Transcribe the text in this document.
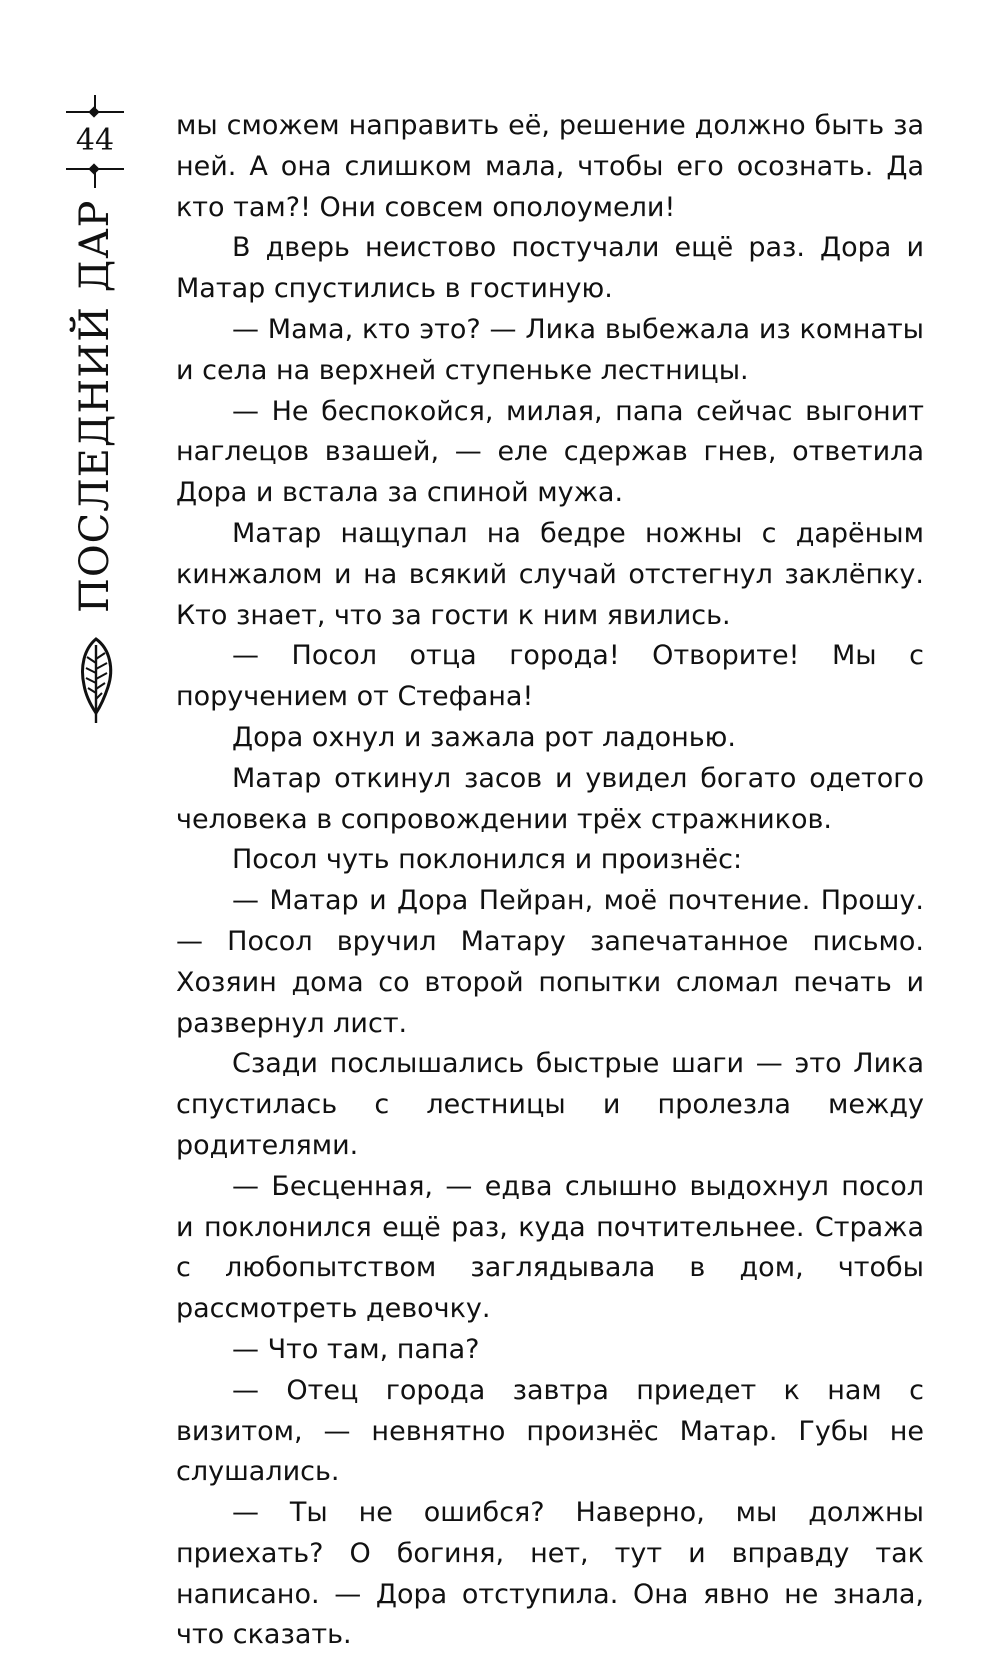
44
ПОСЛЕДНИЙ ДАР

мы сможем направить её, решение должно быть за ней. А она слишком мала, чтобы его осознать. Да кто там?! Они совсем ополоумели!

В дверь неистово постучали ещё раз. Дора и Матар спустились в гостиную.

— Мама, кто это? — Лика выбежала из комнаты и села на верхней ступеньке лестницы.

— Не беспокойся, милая, папа сейчас выгонит наглецов взашей, — еле сдержав гнев, ответила Дора и встала за спиной мужа.

Матар нащупал на бедре ножны с дарёным кинжалом и на всякий случай отстегнул заклёпку. Кто знает, что за гости к ним явились.

— Посол отца города! Отворите! Мы с поручением от Стефана!

Дора охнул и зажала рот ладонью.

Матар откинул засов и увидел богато одетого человека в сопровождении трёх стражников.

Посол чуть поклонился и произнёс:

— Матар и Дора Пейран, моё почтение. Прошу. — Посол вручил Матару запечатанное письмо. Хозяин дома со второй попытки сломал печать и развернул лист.

Сзади послышались быстрые шаги — это Лика спустилась с лестницы и пролезла между родителями.

— Бесценная, — едва слышно выдохнул посол и поклонился ещё раз, куда почтительнее. Стража с любопытством заглядывала в дом, чтобы рассмотреть девочку.

— Что там, папа?

— Отец города завтра приедет к нам с визитом, — невнятно произнёс Матар. Губы не слушались.

— Ты не ошибся? Наверно, мы должны приехать? О богиня, нет, тут и вправду так написано. — Дора отступила. Она явно не знала, что сказать.
